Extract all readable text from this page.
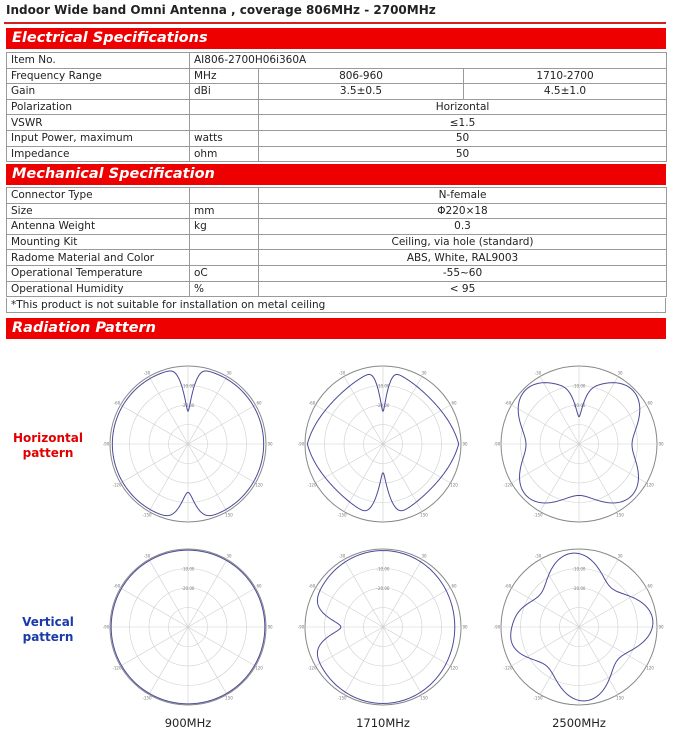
Indoor Wide band Omni Antenna , coverage 806MHz - 2700MHz
Electrical Specifications
Item No.	AI806-2700H06i360A		
Frequency Range	MHz	806-960	1710-2700
Gain	dBi	3.5±0.5	4.5±1.0
Polarization		Horizontal	
VSWR		≤1.5	
Input Power, maximum	watts	50	
Impedance	ohm	50	
Mechanical Specification
Connector Type		N-female
Size	mm	Φ220×18
Antenna Weight	kg	0.3
Mounting Kit		Ceiling, via hole (standard)
Radome Material and Color		ABS, White, RAL9003
Operational Temperature	oC	-55~60
Operational Humidity	%	< 95
*This product is not suitable for installation on metal ceiling
Radiation Pattern
Horizontal
pattern
Vertical
pattern
-10.00
-20.00
-30	30
-60	60
-90	90
-120	120
-150	150
-10.00
-20.00
-30	30
-60	60
-90	90
-120	120
-150	150
-10.00
-20.00
-30	30
-60	60
-90	90
-120	120
-150	150
-10.00
-20.00
-30	30
-60	60
-90	90
-120	120
-150	150
-10.00
-20.00
-30	30
-60	60
-90	90
-120	120
-150	150
-10.00
-20.00
-30	30
-60	60
-90	90
-120	120
-150	150
900MHz	1710MHz	2500MHz
